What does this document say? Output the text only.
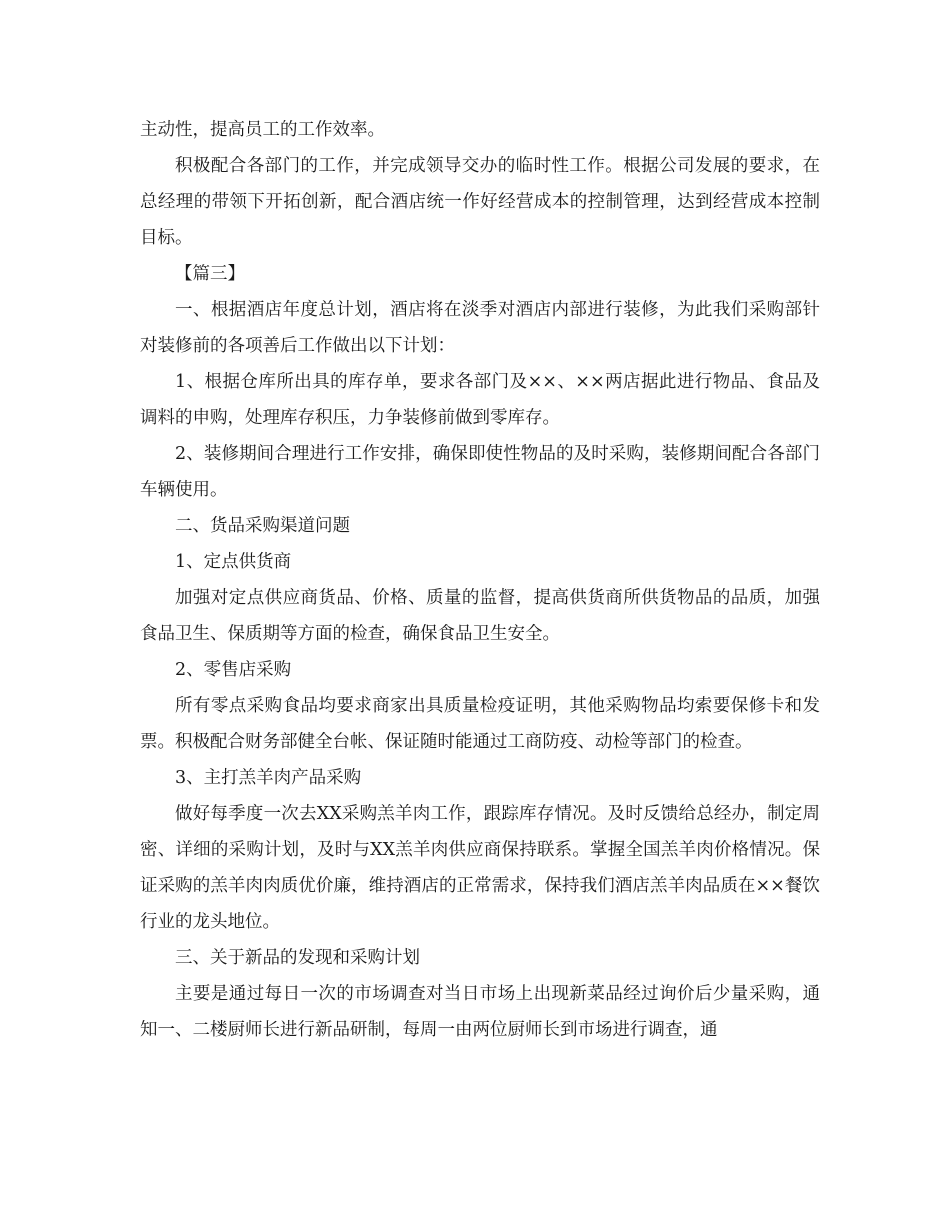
主动性，提高员工的工作效率。

积极配合各部门的工作，并完成领导交办的临时性工作。根据公司发展的要求，在总经理的带领下开拓创新，配合酒店统一作好经营成本的控制管理，达到经营成本控制目标。

【篇三】

一、根据酒店年度总计划，酒店将在淡季对酒店内部进行装修，为此我们采购部针对装修前的各项善后工作做出以下计划：

1、根据仓库所出具的库存单，要求各部门及××、××两店据此进行物品、食品及调料的申购，处理库存积压，力争装修前做到零库存。

2、装修期间合理进行工作安排，确保即使性物品的及时采购，装修期间配合各部门车辆使用。

二、货品采购渠道问题

1、定点供货商

加强对定点供应商货品、价格、质量的监督，提高供货商所供货物品的品质，加强食品卫生、保质期等方面的检查，确保食品卫生安全。

2、零售店采购

所有零点采购食品均要求商家出具质量检疫证明，其他采购物品均索要保修卡和发票。积极配合财务部健全台帐、保证随时能通过工商防疫、动检等部门的检查。

3、主打羔羊肉产品采购

做好每季度一次去XX采购羔羊肉工作，跟踪库存情况。及时反馈给总经办，制定周密、详细的采购计划，及时与XX羔羊肉供应商保持联系。掌握全国羔羊肉价格情况。保证采购的羔羊肉肉质优价廉，维持酒店的正常需求，保持我们酒店羔羊肉品质在××餐饮行业的龙头地位。

三、关于新品的发现和采购计划

主要是通过每日一次的市场调查对当日市场上出现新菜品经过询价后少量采购，通知一、二楼厨师长进行新品研制，每周一由两位厨师长到市场进行调查，通
